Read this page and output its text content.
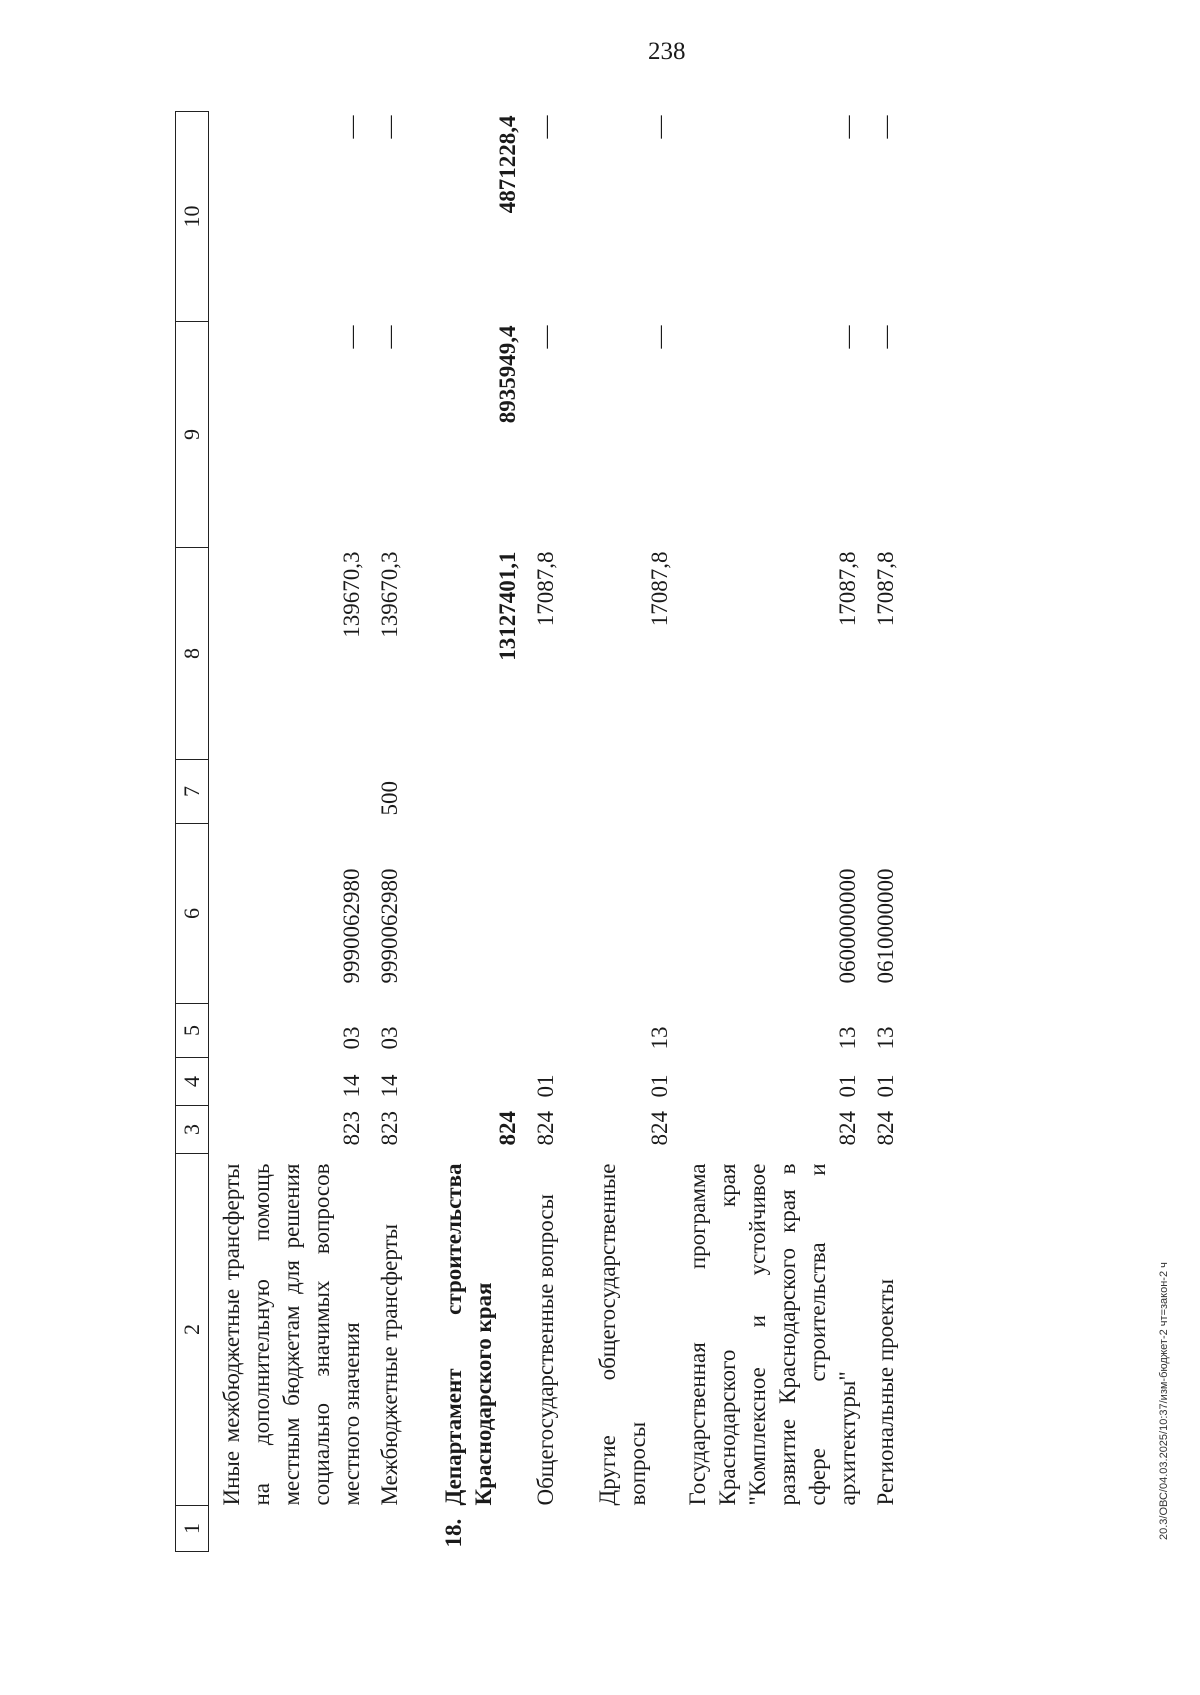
238
20.3/ОВС/04.03.2025/10:37/изм-бюджет-2 чт=закон-2 ч
1	2	3	4	5	6	7	8	9	10
	Иные межбюджетные трансферты на дополнительную помощь местным бюджетам для решения социально значимых вопросов местного значения	823	14	03	9990062980		139670,3	—	—
	Межбюджетные трансферты	823	14	03	9990062980	500	139670,3	—	—
18.	Департамент строительства Краснодарского края	824					13127401,1	8935949,4	4871228,4
	Общегосударственные вопросы	824	01				17087,8	—	—
	Другие общегосударственные вопросы	824	01	13			17087,8	—	—
	Государственная программа Краснодарского края "Комплексное и устойчивое развитие Краснодарского края в сфере строительства и архитектуры"	824	01	13	0600000000		17087,8	—	—
	Региональные проекты	824	01	13	0610000000		17087,8	—	—
